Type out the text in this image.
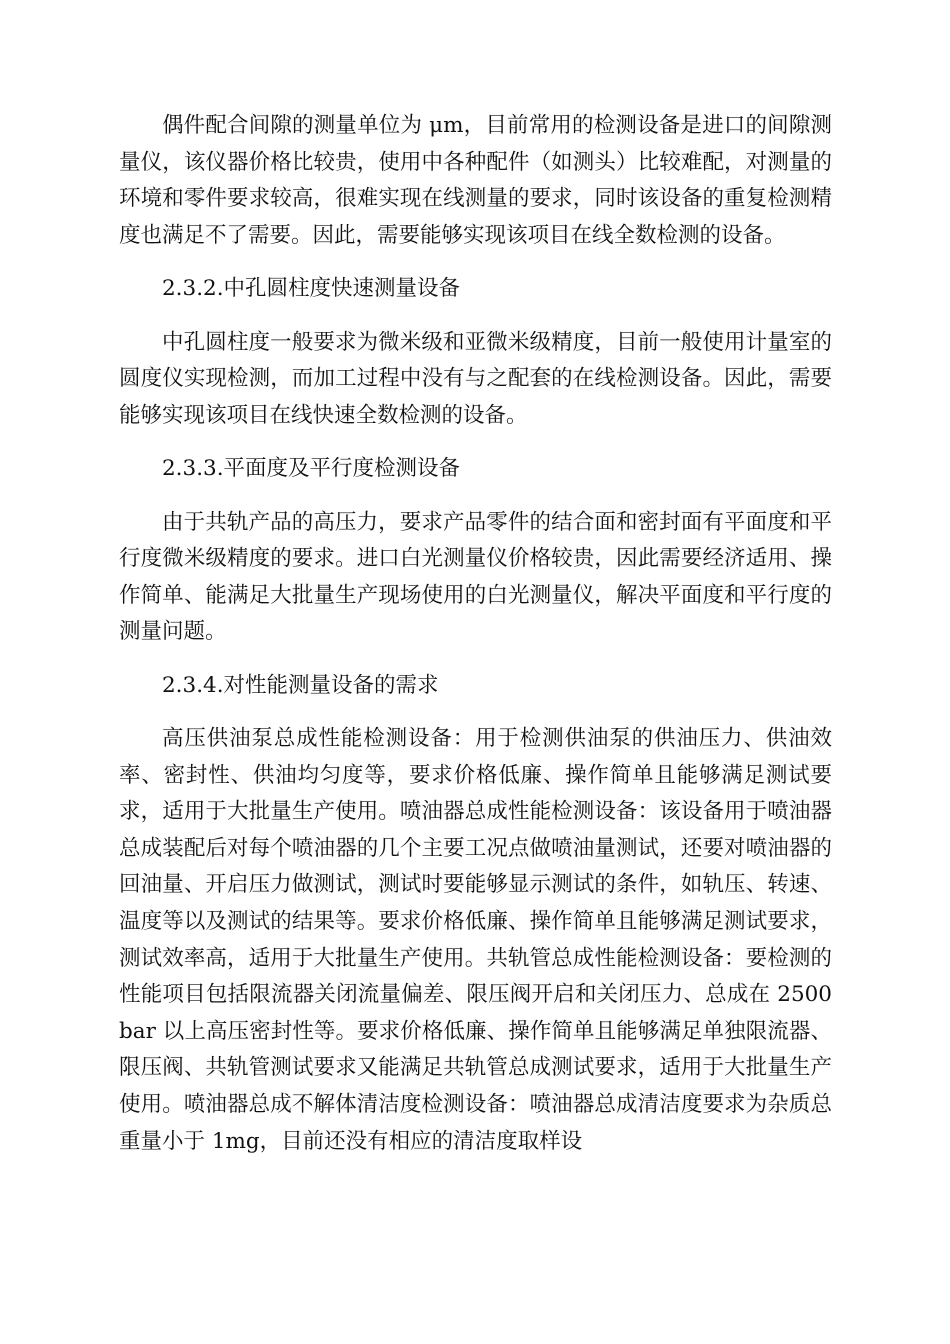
偶件配合间隙的测量单位为 μm，目前常用的检测设备是进口的间隙测量仪，该仪器价格比较贵，使用中各种配件（如测头）比较难配，对测量的环境和零件要求较高，很难实现在线测量的要求，同时该设备的重复检测精度也满足不了需要。因此，需要能够实现该项目在线全数检测的设备。

2.3.2.中孔圆柱度快速测量设备

中孔圆柱度一般要求为微米级和亚微米级精度，目前一般使用计量室的圆度仪实现检测，而加工过程中没有与之配套的在线检测设备。因此，需要能够实现该项目在线快速全数检测的设备。

2.3.3.平面度及平行度检测设备

由于共轨产品的高压力，要求产品零件的结合面和密封面有平面度和平行度微米级精度的要求。进口白光测量仪价格较贵，因此需要经济适用、操作简单、能满足大批量生产现场使用的白光测量仪，解决平面度和平行度的测量问题。

2.3.4.对性能测量设备的需求

高压供油泵总成性能检测设备：用于检测供油泵的供油压力、供油效率、密封性、供油均匀度等，要求价格低廉、操作简单且能够满足测试要求，适用于大批量生产使用。喷油器总成性能检测设备：该设备用于喷油器总成装配后对每个喷油器的几个主要工况点做喷油量测试，还要对喷油器的回油量、开启压力做测试，测试时要能够显示测试的条件，如轨压、转速、温度等以及测试的结果等。要求价格低廉、操作简单且能够满足测试要求，测试效率高，适用于大批量生产使用。共轨管总成性能检测设备：要检测的性能项目包括限流器关闭流量偏差、限压阀开启和关闭压力、总成在 2500bar 以上高压密封性等。要求价格低廉、操作简单且能够满足单独限流器、限压阀、共轨管测试要求又能满足共轨管总成测试要求，适用于大批量生产使用。喷油器总成不解体清洁度检测设备：喷油器总成清洁度要求为杂质总重量小于 1mg，目前还没有相应的清洁度取样设
